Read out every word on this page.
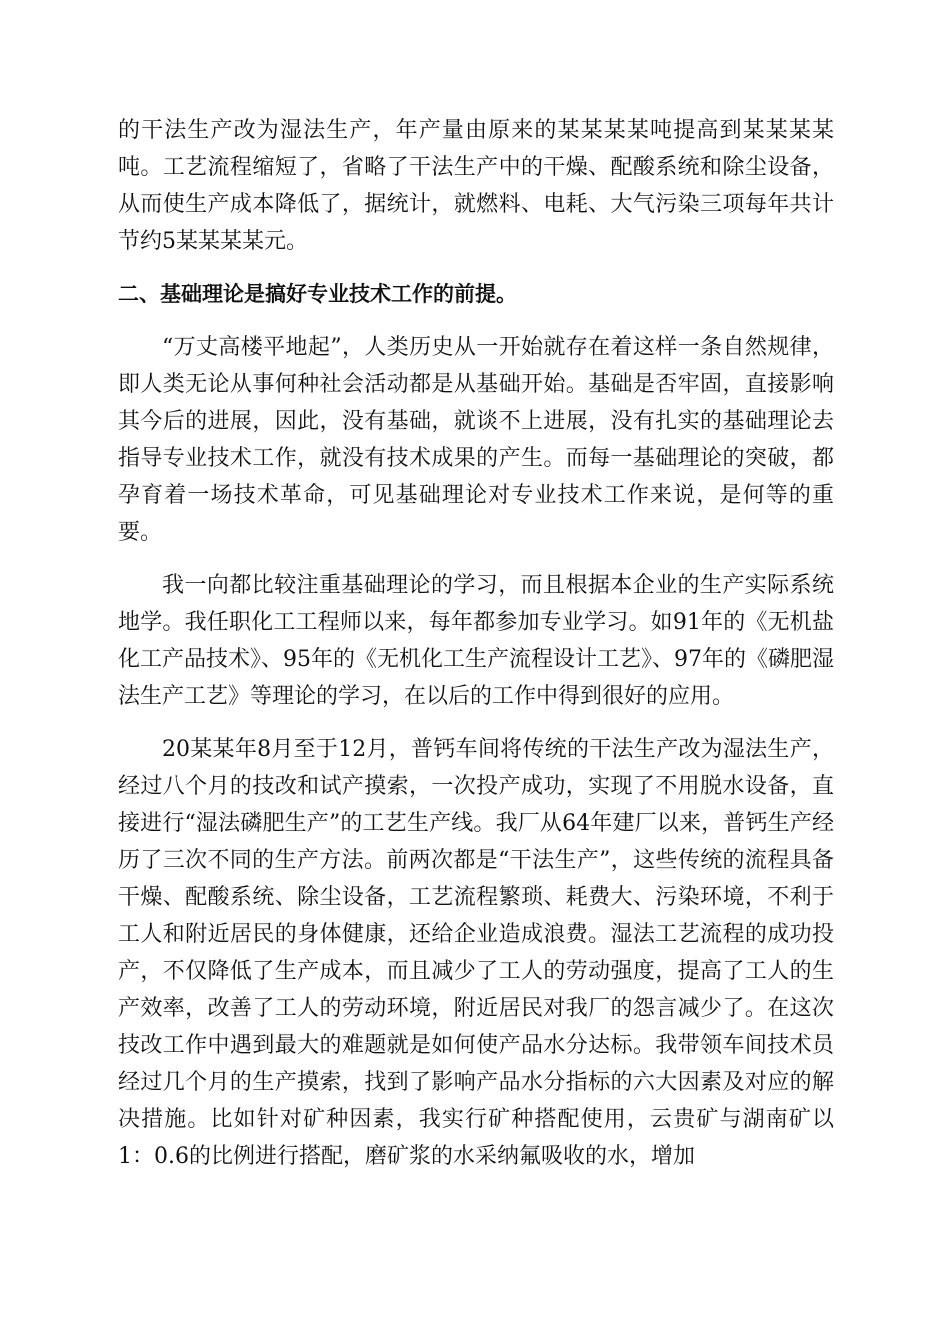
的干法生产改为湿法生产，年产量由原来的某某某某吨提高到某某某某吨。工艺流程缩短了，省略了干法生产中的干燥、配酸系统和除尘设备，从而使生产成本降低了，据统计，就燃料、电耗、大气污染三项每年共计节约5某某某某元。

二、基础理论是搞好专业技术工作的前提。

“万丈高楼平地起”，人类历史从一开始就存在着这样一条自然规律，即人类无论从事何种社会活动都是从基础开始。基础是否牢固，直接影响其今后的进展，因此，没有基础，就谈不上进展，没有扎实的基础理论去指导专业技术工作，就没有技术成果的产生。而每一基础理论的突破，都孕育着一场技术革命，可见基础理论对专业技术工作来说，是何等的重要。

我一向都比较注重基础理论的学习，而且根据本企业的生产实际系统地学。我任职化工工程师以来，每年都参加专业学习。如91年的《无机盐化工产品技术》、95年的《无机化工生产流程设计工艺》、97年的《磷肥湿法生产工艺》等理论的学习，在以后的工作中得到很好的应用。

20某某年8月至于12月，普钙车间将传统的干法生产改为湿法生产，经过八个月的技改和试产摸索，一次投产成功，实现了不用脱水设备，直接进行“湿法磷肥生产”的工艺生产线。我厂从64年建厂以来，普钙生产经历了三次不同的生产方法。前两次都是“干法生产”，这些传统的流程具备干燥、配酸系统、除尘设备，工艺流程繁琐、耗费大、污染环境，不利于工人和附近居民的身体健康，还给企业造成浪费。湿法工艺流程的成功投产，不仅降低了生产成本，而且减少了工人的劳动强度，提高了工人的生产效率，改善了工人的劳动环境，附近居民对我厂的怨言减少了。在这次技改工作中遇到最大的难题就是如何使产品水分达标。我带领车间技术员经过几个月的生产摸索，找到了影响产品水分指标的六大因素及对应的解决措施。比如针对矿种因素，我实行矿种搭配使用，云贵矿与湖南矿以1：0.6的比例进行搭配，磨矿浆的水采纳氟吸收的水，增加
